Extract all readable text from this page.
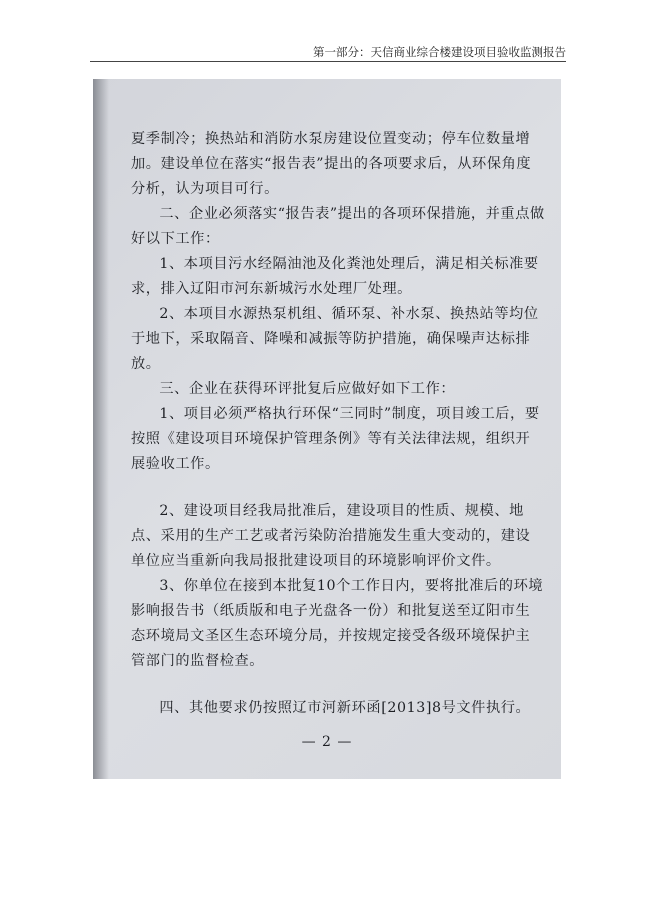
第一部分：天信商业综合楼建设项目验收监测报告

夏季制冷；换热站和消防水泵房建设位置变动；停车位数量增加。建设单位在落实“报告表”提出的各项要求后，从环保角度分析，认为项目可行。

二、企业必须落实“报告表”提出的各项环保措施，并重点做好以下工作：

1、本项目污水经隔油池及化粪池处理后，满足相关标准要求，排入辽阳市河东新城污水处理厂处理。

2、本项目水源热泵机组、循环泵、补水泵、换热站等均位于地下，采取隔音、降噪和减振等防护措施，确保噪声达标排放。

三、企业在获得环评批复后应做好如下工作：

1、项目必须严格执行环保“三同时”制度，项目竣工后，要按照《建设项目环境保护管理条例》等有关法律法规，组织开展验收工作。

2、建设项目经我局批准后，建设项目的性质、规模、地点、采用的生产工艺或者污染防治措施发生重大变动的，建设单位应当重新向我局报批建设项目的环境影响评价文件。

3、你单位在接到本批复10个工作日内，要将批准后的环境影响报告书（纸质版和电子光盘各一份）和批复送至辽阳市生态环境局文圣区生态环境分局，并按规定接受各级环境保护主管部门的监督检查。

四、其他要求仍按照辽市河新环函[2013]8号文件执行。

— 2 —
